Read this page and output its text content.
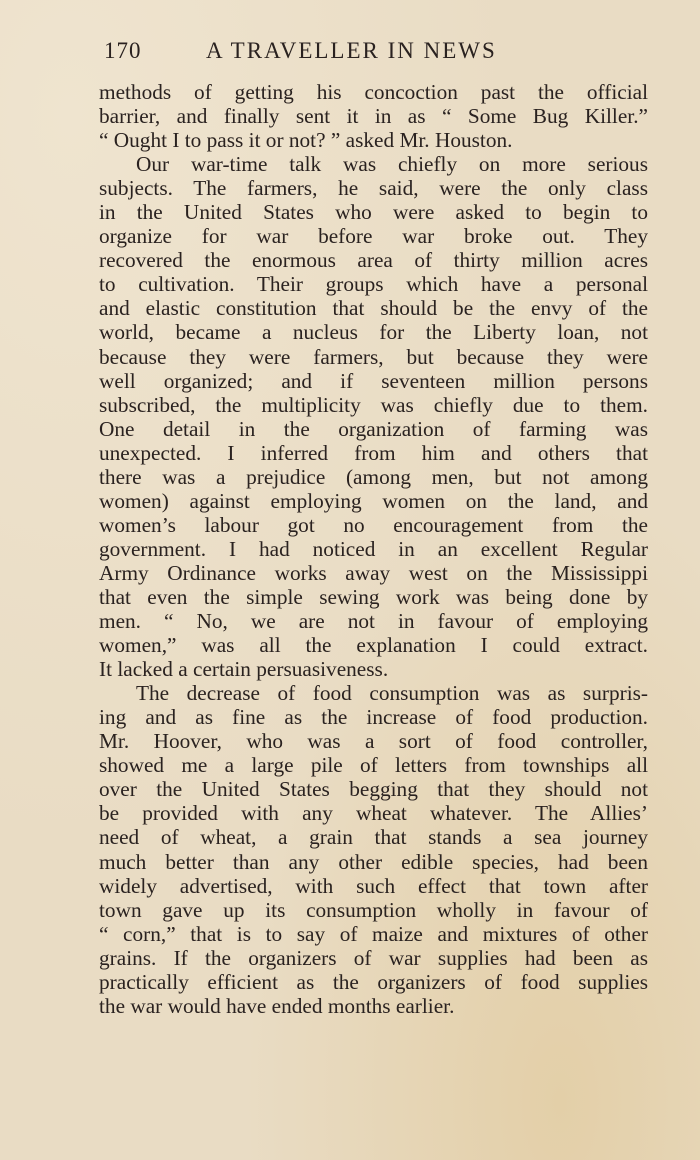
170	A TRAVELLER IN NEWS
methods of getting his concoction past the official
barrier, and finally sent it in as “ Some Bug Killer.”
“ Ought I to pass it or not? ” asked Mr. Houston.
Our war-time talk was chiefly on more serious
subjects. The farmers, he said, were the only class
in the United States who were asked to begin to
organize for war before war broke out. They
recovered the enormous area of thirty million acres
to cultivation. Their groups which have a personal
and elastic constitution that should be the envy of the
world, became a nucleus for the Liberty loan, not
because they were farmers, but because they were
well organized; and if seventeen million persons
subscribed, the multiplicity was chiefly due to them.
One detail in the organization of farming was
unexpected. I inferred from him and others that
there was a prejudice (among men, but not among
women) against employing women on the land, and
women’s labour got no encouragement from the
government. I had noticed in an excellent Regular
Army Ordinance works away west on the Mississippi
that even the simple sewing work was being done by
men. “ No, we are not in favour of employing
women,” was all the explanation I could extract.
It lacked a certain persuasiveness.
The decrease of food consumption was as surpris-
ing and as fine as the increase of food production.
Mr. Hoover, who was a sort of food controller,
showed me a large pile of letters from townships all
over the United States begging that they should not
be provided with any wheat whatever. The Allies’
need of wheat, a grain that stands a sea journey
much better than any other edible species, had been
widely advertised, with such effect that town after
town gave up its consumption wholly in favour of
“ corn,” that is to say of maize and mixtures of other
grains. If the organizers of war supplies had been as
practically efficient as the organizers of food supplies
the war would have ended months earlier.
